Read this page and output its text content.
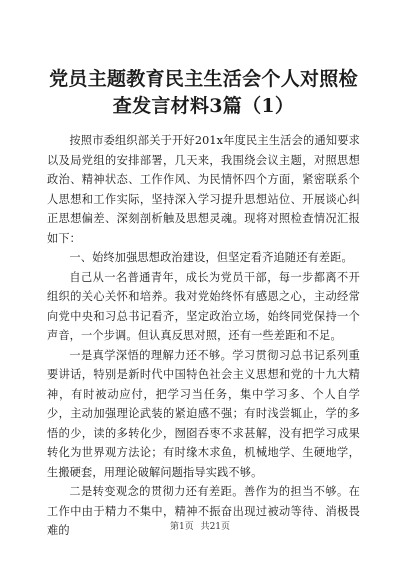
党员主题教育民主生活会个人对照检查发言材料3篇（1）

按照市委组织部关于开好201x年度民主生活会的通知要求以及局党组的安排部署，几天来，我围绕会议主题，对照思想政治、精神状态、工作作风、为民情怀四个方面，紧密联系个人思想和工作实际，坚持深入学习提升思想站位、开展谈心纠正思想偏差、深刻剖析触及思想灵魂。现将对照检查情况汇报如下：

一、始终加强思想政治建设，但坚定看齐追随还有差距。

自己从一名普通青年，成长为党员干部，每一步都离不开组织的关心关怀和培养。我对党始终怀有感恩之心，主动经常向党中央和习总书记看齐，坚定政治立场，始终同党保持一个声音，一个步调。但认真反思对照，还有一些差距和不足。

一是真学深悟的理解力还不够。学习贯彻习总书记系列重要讲话，特别是新时代中国特色社会主义思想和党的十九大精神，有时被动应付，把学习当任务，集中学习多、个人自学少，主动加强理论武装的紧迫感不强；有时浅尝辄止，学的多悟的少，读的多转化少，囫囵吞枣不求甚解，没有把学习成果转化为世界观方法论；有时缘木求鱼，机械地学、生硬地学，生搬硬套，用理论破解问题指导实践不够。

二是转变观念的贯彻力还有差距。善作为的担当不够。在工作中由于精力不集中，精神不振奋出现过被动等待、消极畏难的	第1页 共21页
